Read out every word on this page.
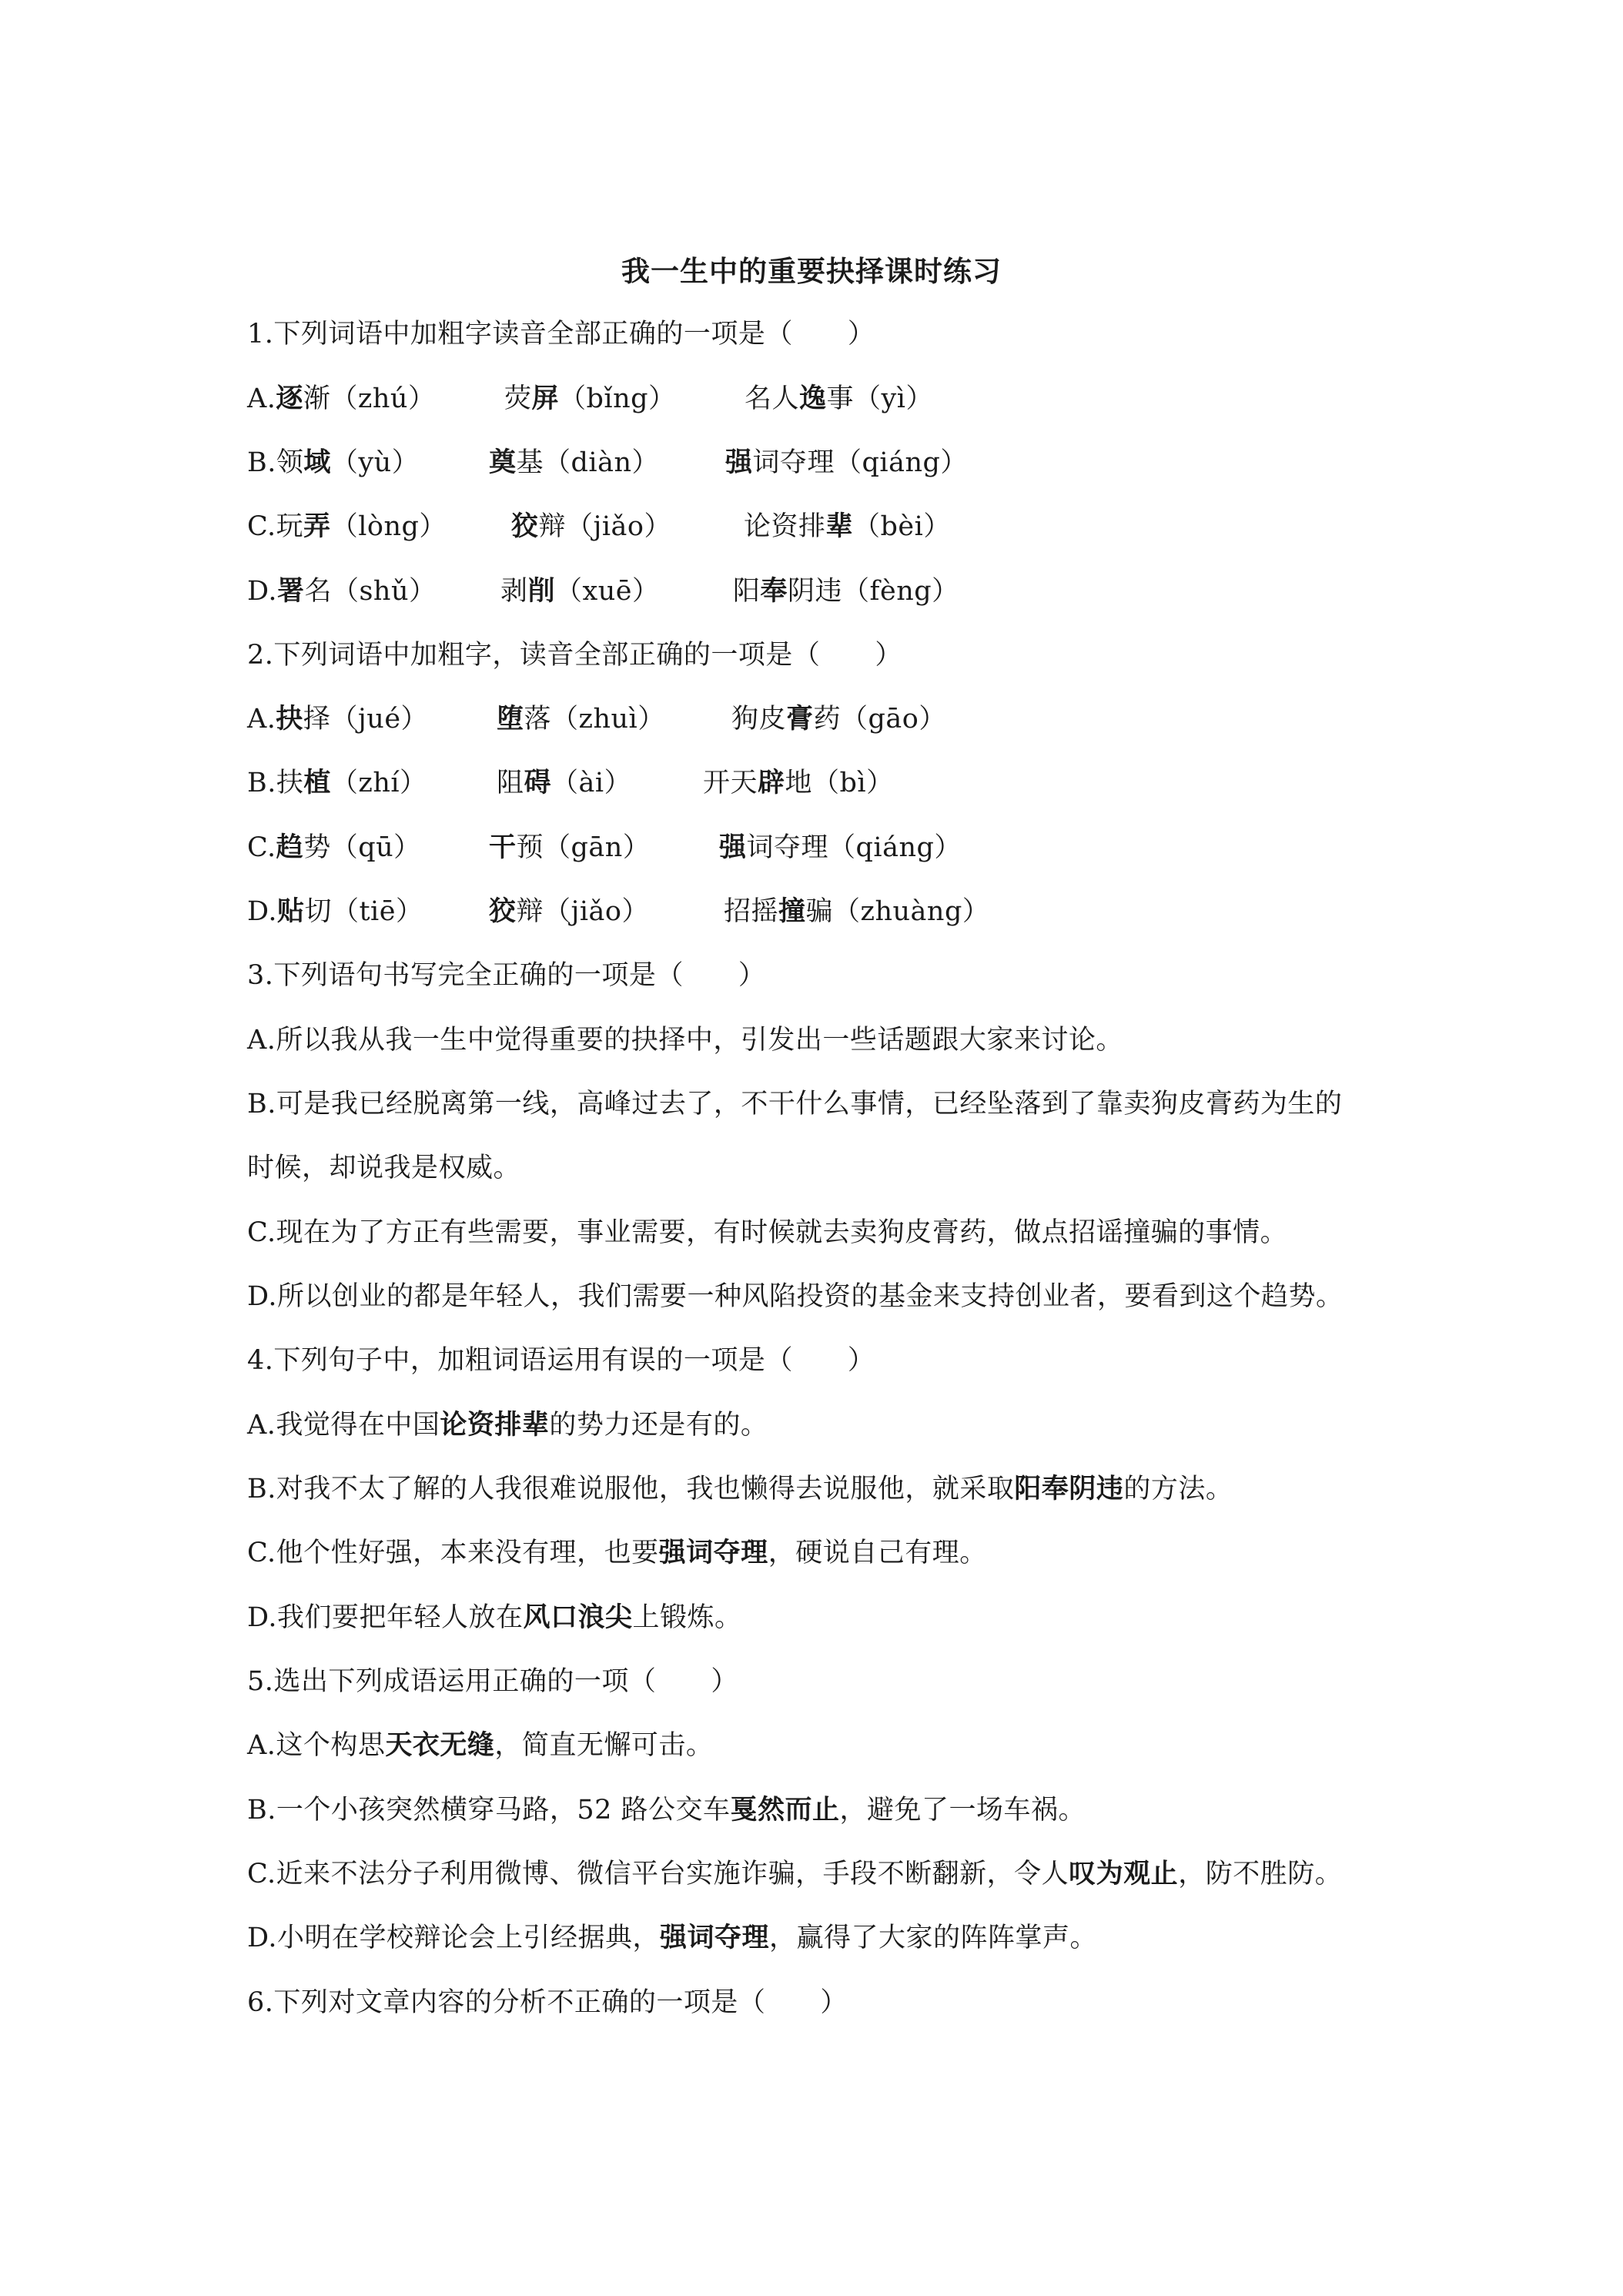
我一生中的重要抉择课时练习
1.下列词语中加粗字读音全部正确的一项是（　　）
A.逐渐（zhú）	荧屏（bǐng）	名人逸事（yì）
B.领域（yù）	奠基（diàn） 强词夺理（qiáng）
C.玩弄（lòng） 狡辩（jiǎo）	论资排辈（bèi）
D.署名（shǔ） 剥削（xuē）	阳奉阴违（fèng）
2.下列词语中加粗字，读音全部正确的一项是（　　）
A.抉择（jué）	堕落（zhuì） 狗皮膏药（gāo）
B.扶植（zhí）	阻碍（ài）	开天辟地（bì）
C.趋势（qū）	干预（gān）	强词夺理（qiáng）
D.贴切（tiē） 狡辩（jiǎo）	招摇撞骗（zhuàng）
3.下列语句书写完全正确的一项是（　　）
A.所以我从我一生中觉得重要的抉择中，引发出一些话题跟大家来讨论。
B.可是我已经脱离第一线，高峰过去了，不干什么事情，已经坠落到了靠卖狗皮膏药为生的
时候，却说我是权威。
C.现在为了方正有些需要，事业需要，有时候就去卖狗皮膏药，做点招谣撞骗的事情。
D.所以创业的都是年轻人，我们需要一种风陷投资的基金来支持创业者，要看到这个趋势。
4.下列句子中，加粗词语运用有误的一项是（　　）
A.我觉得在中国论资排辈的势力还是有的。
B.对我不太了解的人我很难说服他，我也懒得去说服他，就采取阳奉阴违的方法。
C.他个性好强，本来没有理，也要强词夺理，硬说自己有理。
D.我们要把年轻人放在风口浪尖上锻炼。
5.选出下列成语运用正确的一项（　　）
A.这个构思天衣无缝，简直无懈可击。
B.一个小孩突然横穿马路，52 路公交车戛然而止，避免了一场车祸。
C.近来不法分子利用微博、微信平台实施诈骗，手段不断翻新，令人叹为观止，防不胜防。
D.小明在学校辩论会上引经据典，强词夺理，赢得了大家的阵阵掌声。
6.下列对文章内容的分析不正确的一项是（　　）
